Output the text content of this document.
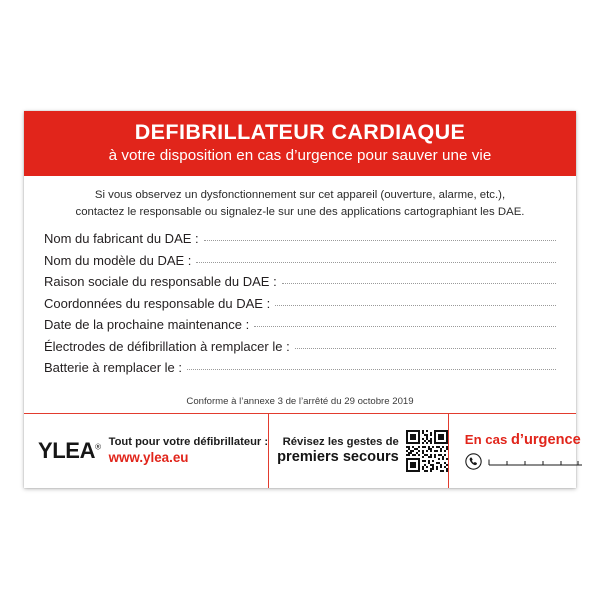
DEFIBRILLATEUR CARDIAQUE
à votre disposition en cas d’urgence pour sauver une vie
Si vous observez un dysfonctionnement sur cet appareil (ouverture, alarme, etc.),
contactez le responsable ou signalez-le sur une des applications cartographiant les DAE.
Nom du fabricant du DAE :
Nom du modèle du DAE :
Raison sociale du responsable du DAE :
Coordonnées du responsable du DAE :
Date de la prochaine maintenance :
Électrodes de défibrillation à remplacer le :
Batterie à remplacer le :
Conforme à l’annexe 3 de l’arrêté du 29 octobre 2019
YLEA® Tout pour votre défibrillateur :
www.ylea.eu
Révisez les gestes de
premiers secours
En cas d’urgence
